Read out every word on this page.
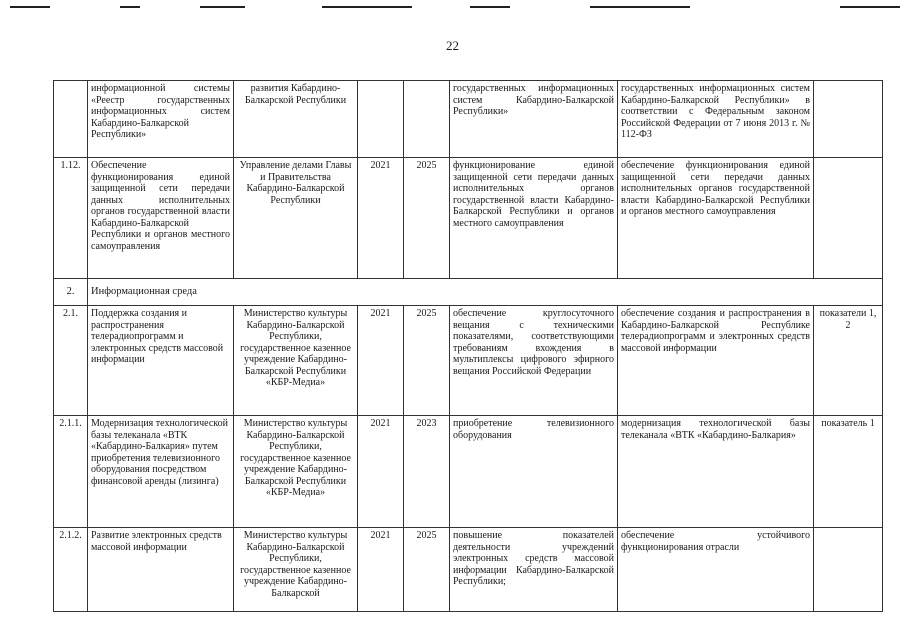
22
	информационной системы «Реестр государственных информационных систем Кабардино-Балкарской Республики»	развития Кабардино-Балкарской Республики			государственных информационных систем Кабардино-Балкарской Республики»	государственных информационных систем Кабардино-Балкарской Республики» в соответствии с Федеральным законом Российской Федерации от 7 июня 2013 г. № 112-ФЗ	
1.12.	Обеспечение функционирования единой защищенной сети передачи данных исполнительных органов государственной власти Кабардино-Балкарской Республики и органов местного самоуправления	Управление делами Главы и Правительства Кабардино-Балкарской Республики	2021	2025	функционирование единой защищенной сети передачи данных исполнительных органов государственной власти Кабардино-Балкарской Республики и органов местного самоуправления	обеспечение функционирования единой защищенной сети передачи данных исполнительных органов государственной власти Кабардино-Балкарской Республики и органов местного самоуправления	
2.	Информационная среда						
2.1.	Поддержка создания и распространения телерадиопрограмм и электронных средств массовой информации	Министерство культуры Кабардино-Балкарской Республики, государственное казенное учреждение Кабардино-Балкарской Республики «КБР-Медиа»	2021	2025	обеспечение круглосуточного вещания с техническими показателями, соответствующими требованиям вхождения в мультиплексы цифрового эфирного вещания Российской Федерации	обеспечение создания и распространения в Кабардино-Балкарской Республике телерадиопрограмм и электронных средств массовой информации	показатели 1, 2
2.1.1.	Модернизация технологической базы телеканала «ВТК «Кабардино-Балкария» путем приобретения телевизионного оборудования посредством финансовой аренды (лизинга)	Министерство культуры Кабардино-Балкарской Республики, государственное казенное учреждение Кабардино-Балкарской Республики «КБР-Медиа»	2021	2023	приобретение телевизионного оборудования	модернизация технологической базы телеканала «ВТК «Кабардино-Балкария»	показатель 1
2.1.2.	Развитие электронных средств массовой информации	Министерство культуры Кабардино-Балкарской Республики, государственное казенное учреждение Кабардино-Балкарской	2021	2025	повышение показателей деятельности учреждений электронных средств массовой информации Кабардино-Балкарской Республики;	обеспечение устойчивого функционирования отрасли	
